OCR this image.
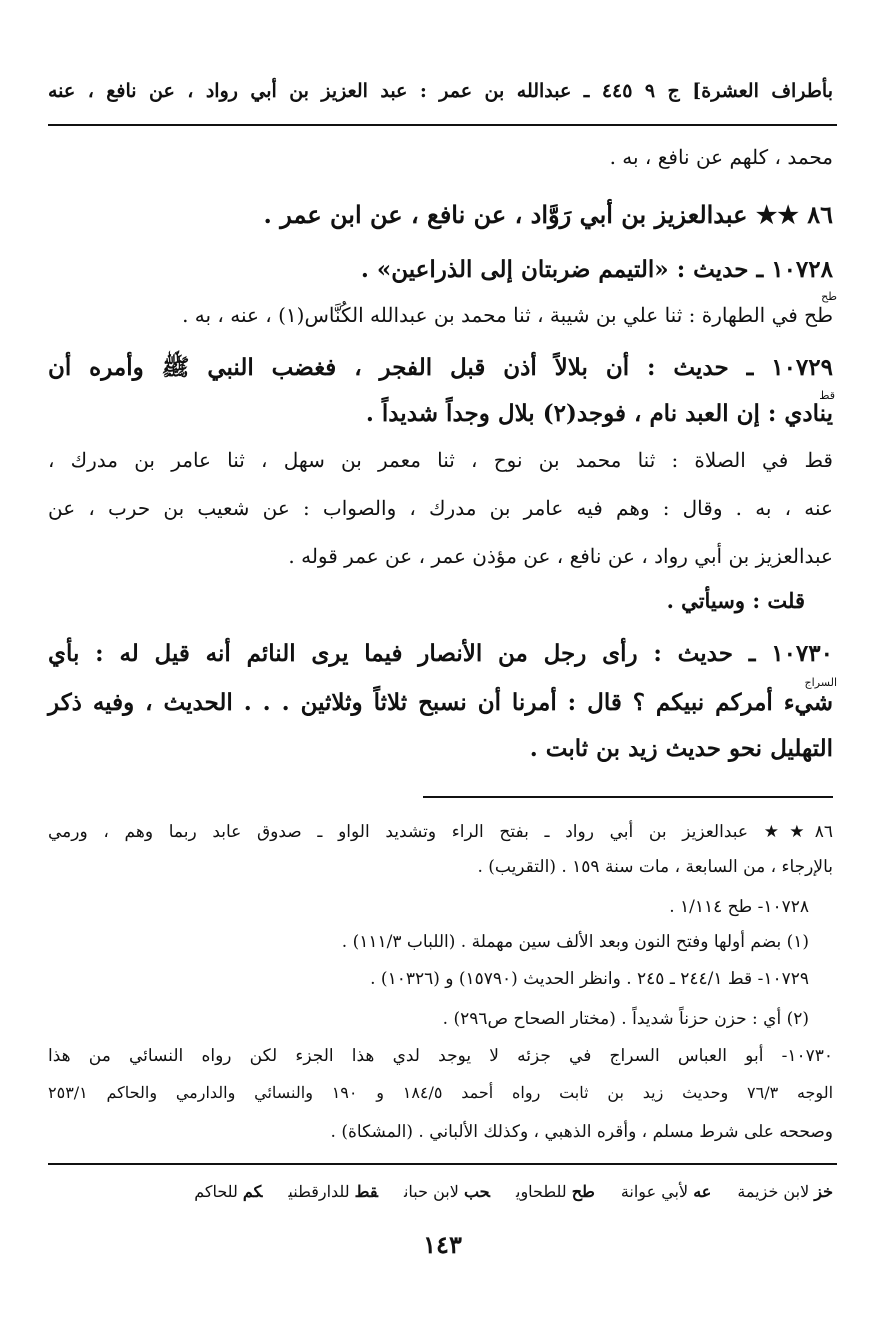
بأطراف العشرة] ج ٩ ٤٤٥ ـ عبدالله بن عمر : عبد العزيز بن أبي رواد ، عن نافع ، عنه
محمد ، كلهم عن نافع ، به .
٨٦ ★★ عبدالعزيز بن أبي رَوَّاد ، عن نافع ، عن ابن عمر .
١٠٧٢٨ ـ حديث : «التيمم ضربتان إلى الذراعين» .
طح
طح في الطهارة : ثنا علي بن شيبة ، ثنا محمد بن عبدالله الكُنَّاس(١) ، عنه ، به .
١٠٧٢٩ ـ حديث : أن بلالاً أذن قبل الفجر ، فغضب النبي ﷺ وأمره أن
قط
ينادي : إن العبد نام ، فوجد(٢) بلال وجداً شديداً .
قط في الصلاة : ثنا محمد بن نوح ، ثنا معمر بن سهل ، ثنا عامر بن مدرك ،
عنه ، به . وقال : وهم فيه عامر بن مدرك ، والصواب : عن شعيب بن حرب ، عن
عبدالعزيز بن أبي رواد ، عن نافع ، عن مؤذن عمر ، عن عمر قوله .
قلت : وسيأتي .
١٠٧٣٠ ـ حديث : رأى رجل من الأنصار فيما يرى النائم أنه قيل له : بأي
السراج
شيء أمركم نبيكم ؟ قال : أمرنا أن نسبح ثلاثاً وثلاثين . . . الحديث ، وفيه ذكر
التهليل نحو حديث زيد بن ثابت .
٨٦★★ عبدالعزيز بن أبي رواد ـ بفتح الراء وتشديد الواو ـ صدوق عابد ربما وهم ، ورمي
بالإرجاء ، من السابعة ، مات سنة ١٥٩ . (التقريب) .
١٠٧٢٨- طح ١/١١٤ .
(١) بضم أولها وفتح النون وبعد الألف سين مهملة . (اللباب ١١١/٣) .
١٠٧٢٩- قط ٢٤٤/١ ـ ٢٤٥ . وانظر الحديث (١٥٧٩٠) و (١٠٣٢٦) .
(٢) أي : حزن حزناً شديداً . (مختار الصحاح ص٢٩٦) .
١٠٧٣٠- أبو العباس السراج في جزئه لا يوجد لدي هذا الجزء لكن رواه النسائي من هذا
الوجه ٧٦/٣ وحديث زيد بن ثابت رواه أحمد ١٨٤/٥ و ١٩٠ والنسائي والدارمي والحاكم ٢٥٣/١
وصححه على شرط مسلم ، وأقره الذهبي ، وكذلك الألباني . (المشكاة) .
خز لابن خزيمةعه لأبي عوانةطح للطحاويحب لابن حبانقط للدارقطنيكم للحاكم
١٤٣
